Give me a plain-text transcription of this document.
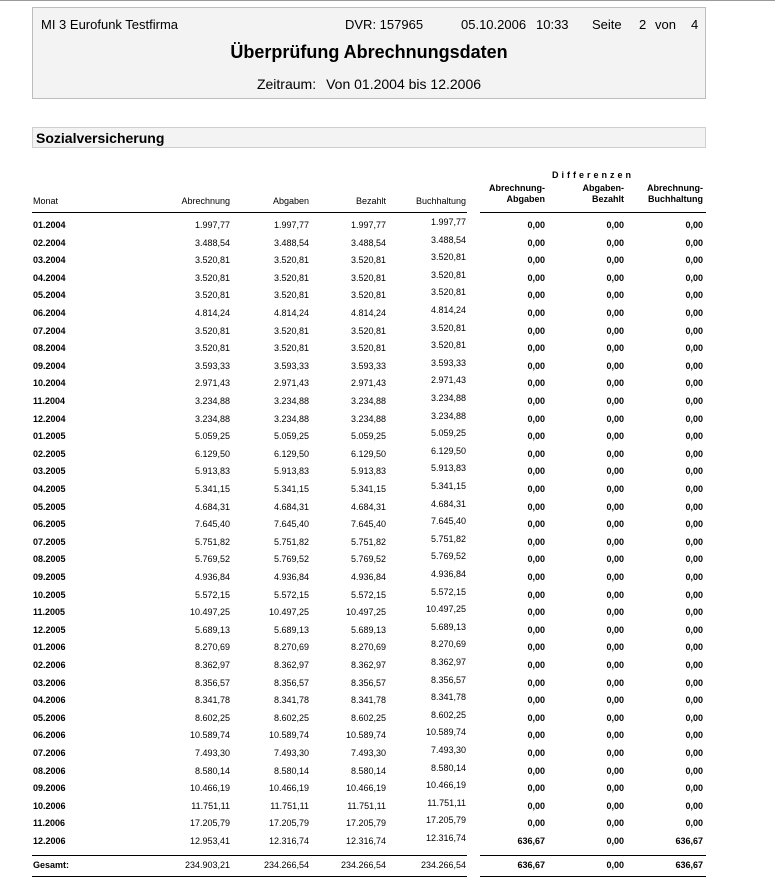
MI 3 Eurofunk Testfirma	DVR: 157965	05.10.2006 10:33 Seite 2 von 4
Überprüfung Abrechnungsdaten
Zeitraum: Von 01.2004 bis 12.2006
Sozialversicherung
Differenzen
Monat	Abrechnung	Abgaben	Bezahlt	Buchhaltung
Abrechnung-
Abgaben
Abgaben-
Bezahlt
Abrechnung-
Buchhaltung
01.2004	1.997,77	1.997,77	1.997,77	1.997,77	0,00	0,00	0,00
02.2004	3.488,54	3.488,54	3.488,54	3.488,54	0,00	0,00	0,00
03.2004	3.520,81	3.520,81	3.520,81	3.520,81	0,00	0,00	0,00
04.2004	3.520,81	3.520,81	3.520,81	3.520,81	0,00	0,00	0,00
05.2004	3.520,81	3.520,81	3.520,81	3.520,81	0,00	0,00	0,00
06.2004	4.814,24	4.814,24	4.814,24	4.814,24	0,00	0,00	0,00
07.2004	3.520,81	3.520,81	3.520,81	3.520,81	0,00	0,00	0,00
08.2004	3.520,81	3.520,81	3.520,81	3.520,81	0,00	0,00	0,00
09.2004	3.593,33	3.593,33	3.593,33	3.593,33	0,00	0,00	0,00
10.2004	2.971,43	2.971,43	2.971,43	2.971,43	0,00	0,00	0,00
11.2004	3.234,88	3.234,88	3.234,88	3.234,88	0,00	0,00	0,00
12.2004	3.234,88	3.234,88	3.234,88	3.234,88	0,00	0,00	0,00
01.2005	5.059,25	5.059,25	5.059,25	5.059,25	0,00	0,00	0,00
02.2005	6.129,50	6.129,50	6.129,50	6.129,50	0,00	0,00	0,00
03.2005	5.913,83	5.913,83	5.913,83	5.913,83	0,00	0,00	0,00
04.2005	5.341,15	5.341,15	5.341,15	5.341,15	0,00	0,00	0,00
05.2005	4.684,31	4.684,31	4.684,31	4.684,31	0,00	0,00	0,00
06.2005	7.645,40	7.645,40	7.645,40	7.645,40	0,00	0,00	0,00
07.2005	5.751,82	5.751,82	5.751,82	5.751,82	0,00	0,00	0,00
08.2005	5.769,52	5.769,52	5.769,52	5.769,52	0,00	0,00	0,00
09.2005	4.936,84	4.936,84	4.936,84	4.936,84	0,00	0,00	0,00
10.2005	5.572,15	5.572,15	5.572,15	5.572,15	0,00	0,00	0,00
11.2005	10.497,25	10.497,25	10.497,25	10.497,25	0,00	0,00	0,00
12.2005	5.689,13	5.689,13	5.689,13	5.689,13	0,00	0,00	0,00
01.2006	8.270,69	8.270,69	8.270,69	8.270,69	0,00	0,00	0,00
02.2006	8.362,97	8.362,97	8.362,97	8.362,97	0,00	0,00	0,00
03.2006	8.356,57	8.356,57	8.356,57	8.356,57	0,00	0,00	0,00
04.2006	8.341,78	8.341,78	8.341,78	8.341,78	0,00	0,00	0,00
05.2006	8.602,25	8.602,25	8.602,25	8.602,25	0,00	0,00	0,00
06.2006	10.589,74	10.589,74	10.589,74	10.589,74	0,00	0,00	0,00
07.2006	7.493,30	7.493,30	7.493,30	7.493,30	0,00	0,00	0,00
08.2006	8.580,14	8.580,14	8.580,14	8.580,14	0,00	0,00	0,00
09.2006	10.466,19	10.466,19	10.466,19	10.466,19	0,00	0,00	0,00
10.2006	11.751,11	11.751,11	11.751,11	11.751,11	0,00	0,00	0,00
11.2006	17.205,79	17.205,79	17.205,79	17.205,79	0,00	0,00	0,00
12.2006	12.953,41	12.316,74	12.316,74	12.316,74	636,67	0,00	636,67
Gesamt:	234.903,21	234.266,54	234.266,54	234.266,54	636,67	0,00	636,67
